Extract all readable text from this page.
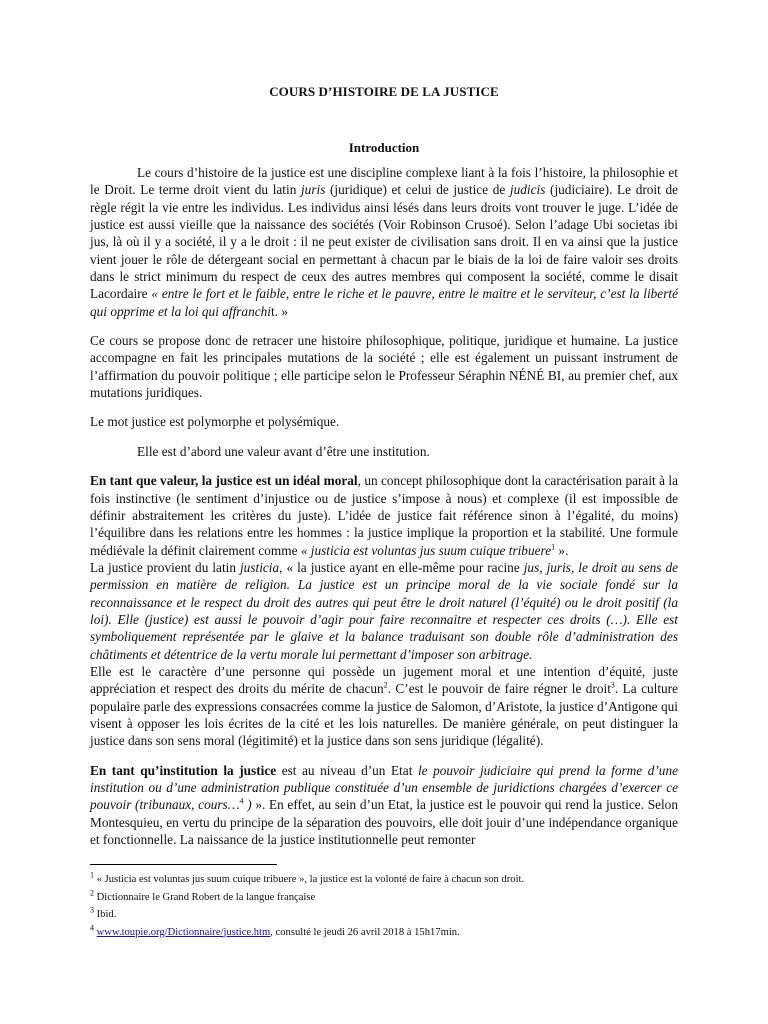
COURS D’HISTOIRE DE LA JUSTICE
Introduction

Le cours d’histoire de la justice est une discipline complexe liant à la fois l’histoire, la philosophie et le Droit. Le terme droit vient du latin juris (juridique) et celui de justice de judicis (judiciaire). Le droit de règle régit la vie entre les individus. Les individus ainsi lésés dans leurs droits vont trouver le juge. L’idée de justice est aussi vieille que la naissance des sociétés (Voir Robinson Crusoé). Selon l’adage Ubi societas ibi jus, là où il y a société, il y a le droit : il ne peut exister de civilisation sans droit. Il en va ainsi que la justice vient jouer le rôle de détergeant social en permettant à chacun par le biais de la loi de faire valoir ses droits dans le strict minimum du respect de ceux des autres membres qui composent la société, comme le disait Lacordaire « entre le fort et le faible, entre le riche et le pauvre, entre le maitre et le serviteur, c’est la liberté qui opprime et la loi qui affranchit. »

Ce cours se propose donc de retracer une histoire philosophique, politique, juridique et humaine. La justice accompagne en fait les principales mutations de la société ; elle est également un puissant instrument de l’affirmation du pouvoir politique ; elle participe selon le Professeur Séraphin NÉNÉ BI, au premier chef, aux mutations juridiques.

Le mot justice est polymorphe et polysémique.

Elle est d’abord une valeur avant d’être une institution.

En tant que valeur, la justice est un idéal moral, un concept philosophique dont la caractérisation parait à la fois instinctive (le sentiment d’injustice ou de justice s’impose à nous) et complexe (il est impossible de définir abstraitement les critères du juste). L’idée de justice fait référence sinon à l’égalité, du moins) l’équilibre dans les relations entre les hommes : la justice implique la proportion et la stabilité. Une formule médiévale la définit clairement comme « justicia est voluntas jus suum cuique tribuere$^1$ ».
La justice provient du latin justicia, « la justice ayant en elle-même pour racine jus, juris, le droit au sens de permission en matière de religion. La justice est un principe moral de la vie sociale fondé sur la reconnaissance et le respect du droit des autres qui peut être le droit naturel (l’équité) ou le droit positif (la loi). Elle (justice) est aussi le pouvoir d’agir pour faire reconnaitre et respecter ces droits (…). Elle est symboliquement représentée par le glaive et la balance traduisant son double rôle d’administration des châtiments et détentrice de la vertu morale lui permettant d’imposer son arbitrage.
Elle est le caractère d’une personne qui possède un jugement moral et une intention d’équité, juste appréciation et respect des droits du mérite de chacun$^2$. C’est le pouvoir de faire régner le droit$^3$. La culture populaire parle des expressions consacrées comme la justice de Salomon, d’Aristote, la justice d’Antigone qui visent à opposer les lois écrites de la cité et les lois naturelles. De manière générale, on peut distinguer la justice dans son sens moral (légitimité) et la justice dans son sens juridique (légalité).

En tant qu’institution la justice est au niveau d’un Etat le pouvoir judiciaire qui prend la forme d’une institution ou d’une administration publique constituée d’un ensemble de juridictions chargées d’exercer ce pouvoir (tribunaux, cours…$^4$ ) ». En effet, au sein d’un Etat, la justice est le pouvoir qui rend la justice. Selon Montesquieu, en vertu du principe de la séparation des pouvoirs, elle doit jouir d’une indépendance organique et fonctionnelle. La naissance de la justice institutionnelle peut remonter

$^1$ « Justicia est voluntas jus suum cuique tribuere », la justice est la volonté de faire à chacun son droit.
$^2$ Dictionnaire le Grand Robert de la langue française
$^3$ Ibid.
$^4$ www.toupie.org/Dictionnaire/justice.htm, consulté le jeudi 26 avril 2018 à 15h17min.
